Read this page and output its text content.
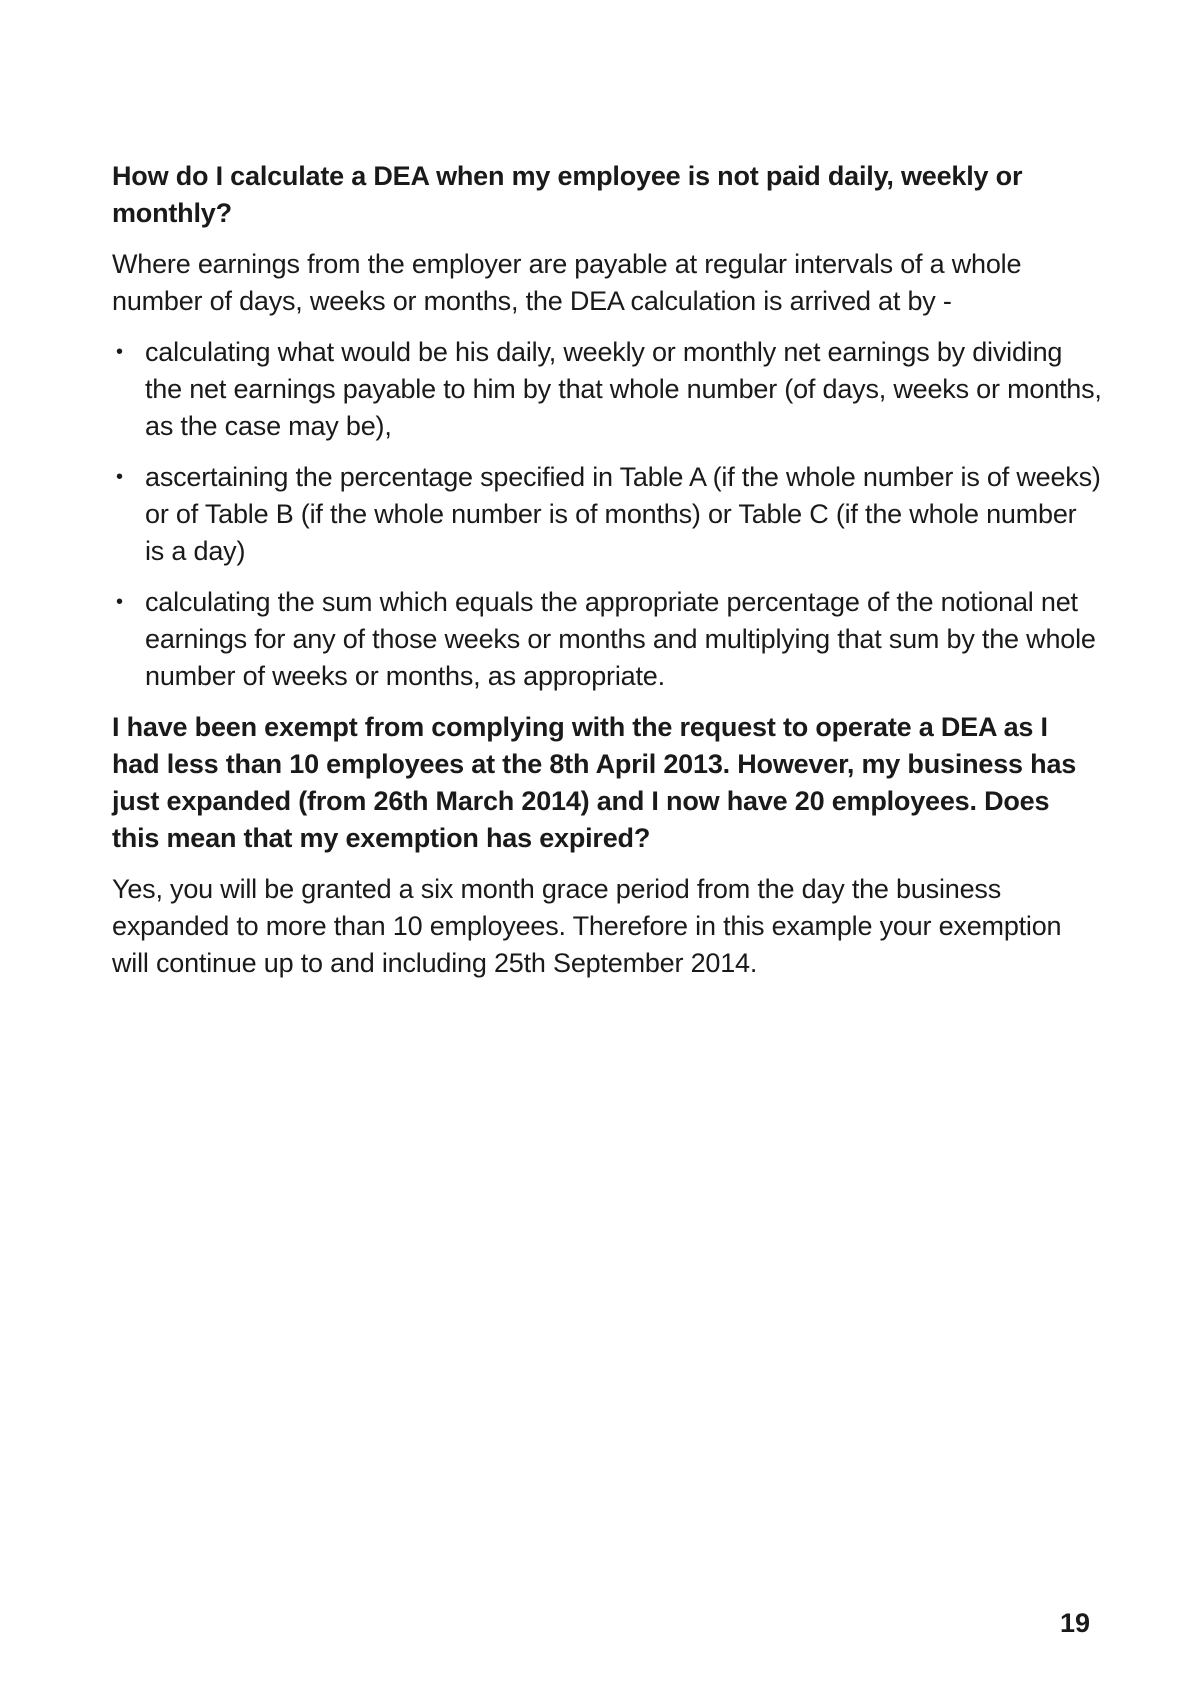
How do I calculate a DEA when my employee is not paid daily, weekly or monthly?
Where earnings from the employer are payable at regular intervals of a whole number of days, weeks or months, the DEA calculation is arrived at by -
• calculating what would be his daily, weekly or monthly net earnings by dividing the net earnings payable to him by that whole number (of days, weeks or months, as the case may be),
• ascertaining the percentage specified in Table A (if the whole number is of weeks) or of Table B (if the whole number is of months) or Table C (if the whole number is a day)
• calculating the sum which equals the appropriate percentage of the notional net earnings for any of those weeks or months and multiplying that sum by the whole number of weeks or months, as appropriate.
I have been exempt from complying with the request to operate a DEA as I had less than 10 employees at the 8th April 2013. However, my business has just expanded (from 26th March 2014) and I now have 20 employees. Does this mean that my exemption has expired?
Yes, you will be granted a six month grace period from the day the business expanded to more than 10 employees. Therefore in this example your exemption will continue up to and including 25th September 2014.
19
